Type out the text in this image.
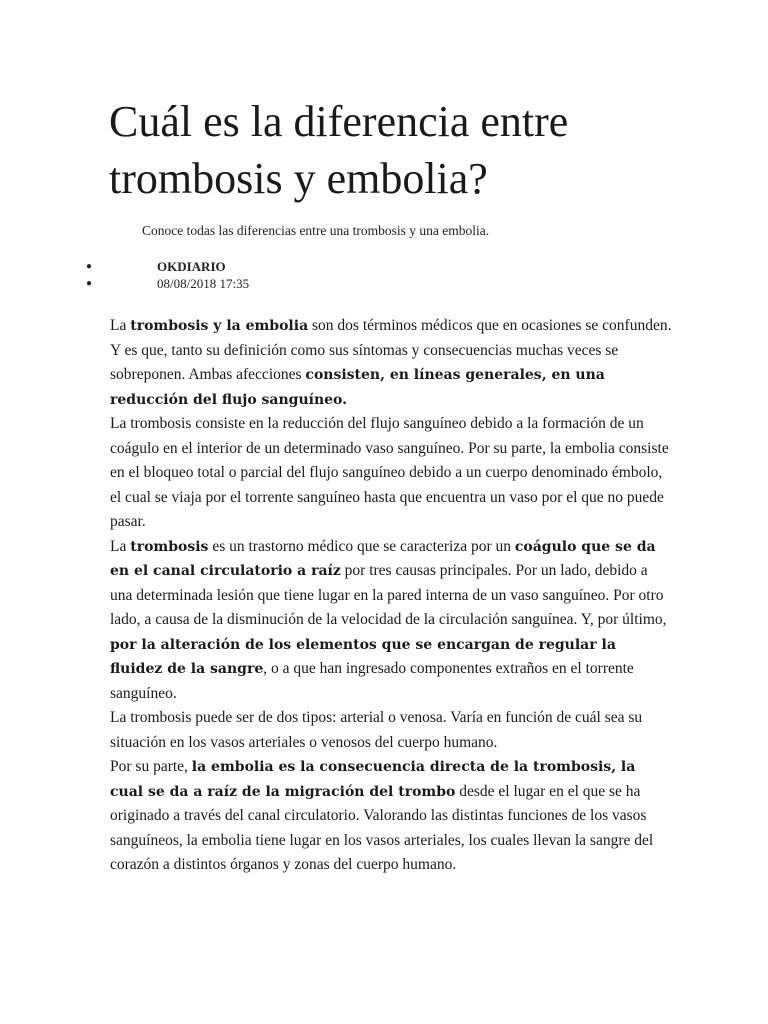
Cuál es la diferencia entre trombosis y embolia?

Conoce todas las diferencias entre una trombosis y una embolia.

●	OKDIARIO
●	08/08/2018 17:35

La trombosis y la embolia son dos términos médicos que en ocasiones se confunden. Y es que, tanto su definición como sus síntomas y consecuencias muchas veces se sobreponen. Ambas afecciones consisten, en líneas generales, en una reducción del flujo sanguíneo.

La trombosis consiste en la reducción del flujo sanguíneo debido a la formación de un coágulo en el interior de un determinado vaso sanguíneo. Por su parte, la embolia consiste en el bloqueo total o parcial del flujo sanguíneo debido a un cuerpo denominado émbolo, el cual se viaja por el torrente sanguíneo hasta que encuentra un vaso por el que no puede pasar.

La trombosis es un trastorno médico que se caracteriza por un coágulo que se da en el canal circulatorio a raíz por tres causas principales. Por un lado, debido a una determinada lesión que tiene lugar en la pared interna de un vaso sanguíneo. Por otro lado, a causa de la disminución de la velocidad de la circulación sanguínea. Y, por último, por la alteración de los elementos que se encargan de regular la fluidez de la sangre, o a que han ingresado componentes extraños en el torrente sanguíneo.

La trombosis puede ser de dos tipos: arterial o venosa. Varía en función de cuál sea su situación en los vasos arteriales o venosos del cuerpo humano.

Por su parte, la embolia es la consecuencia directa de la trombosis, la cual se da a raíz de la migración del trombo desde el lugar en el que se ha originado a través del canal circulatorio. Valorando las distintas funciones de los vasos sanguíneos, la embolia tiene lugar en los vasos arteriales, los cuales llevan la sangre del corazón a distintos órganos y zonas del cuerpo humano.
